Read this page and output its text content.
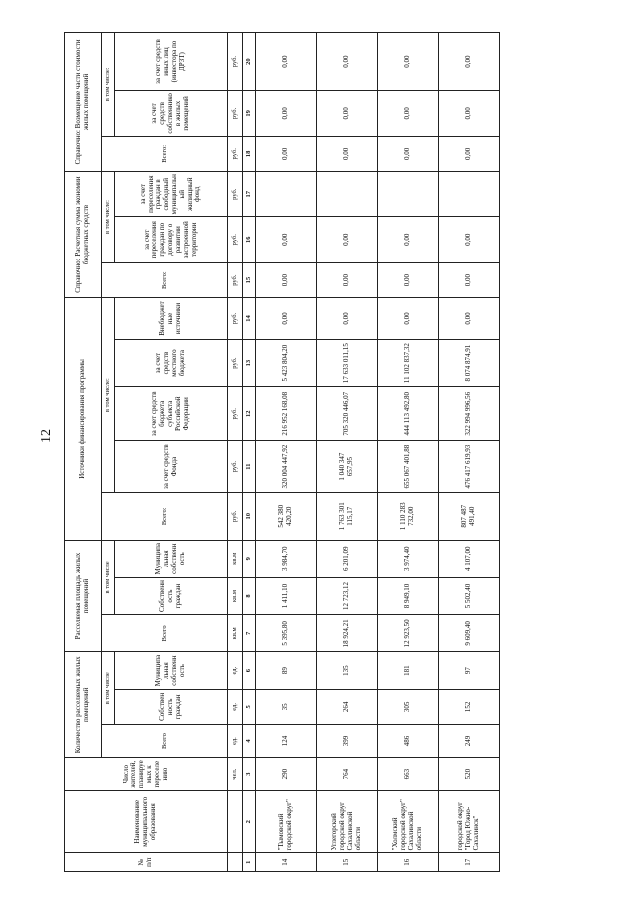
12
№ п/п	Наименование муниципального образования	Число жителей, планируемых к переселению	Количество расселяемых жилых помещений			Расселяемая площадь жилых помещений			Источники финансирования программы					Справочно: Расчетная сумма экономии бюджетных средств			Справочно: Возмещение части стоимости жилых помещений		
			Всего	в том числе		Всего	в том числе		Всего:	в том числе:				Всего:	в том числе:		Всего:	в том числе:	
				Собственность граждан	Муниципальная собственность		Собственность граждан	Муниципальная собственность		за счет средств Фонда	за счет средств бюджета субъекта Российской Федерации	за счет средств местного бюджета	Внебюджетные источники		за счет переселения граждан по договору о развитии застроенной территории	за счет переселения граждан в свободный муниципальный жилищный фонд		за счет средств собственников жилых помещений	за счет средств иных лиц (инвестора по ДРЗТ)
		чел.	ед.	ед.	ед.	кв.м	кв.м	кв.м	руб.	руб.	руб.	руб.	руб.	руб.	руб.	руб.	руб.	руб.	руб.
1	2	3	4	5	6	7	8	9	10	11	12	13	14	15	16	17	18	19	20
14	"Тымовский городской округ"	290	124	35	89	5 395,80	1 411,10	3 984,70	542 380 420,20	320 004 447,92	216 952 168,08	5 423 804,20	0,00	0,00	0,00		0,00	0,00	0,00
15	Углегорский городской округ Сахалинской области	764	399	264	135	18 924,21	12 723,12	6 201,09	1 763 301 115,17	1 040 347 657,95	705 320 446,07	17 633 011,15	0,00	0,00	0,00		0,00	0,00	0,00
16	"Холмский городской округ" Сахалинской области	663	486	305	181	12 923,50	8 949,10	3 974,40	1 110 283 732,00	655 067 401,88	444 113 492,80	11 102 837,32	0,00	0,00	0,00		0,00	0,00	0,00
17	городской округ "Город Южно-Сахалинск"	520	249	152	97	9 609,40	5 502,40	4 107,00	807 487 491,40	476 417 619,93	322 994 996,56	8 074 874,91	0,00	0,00	0,00		0,00	0,00	0,00
